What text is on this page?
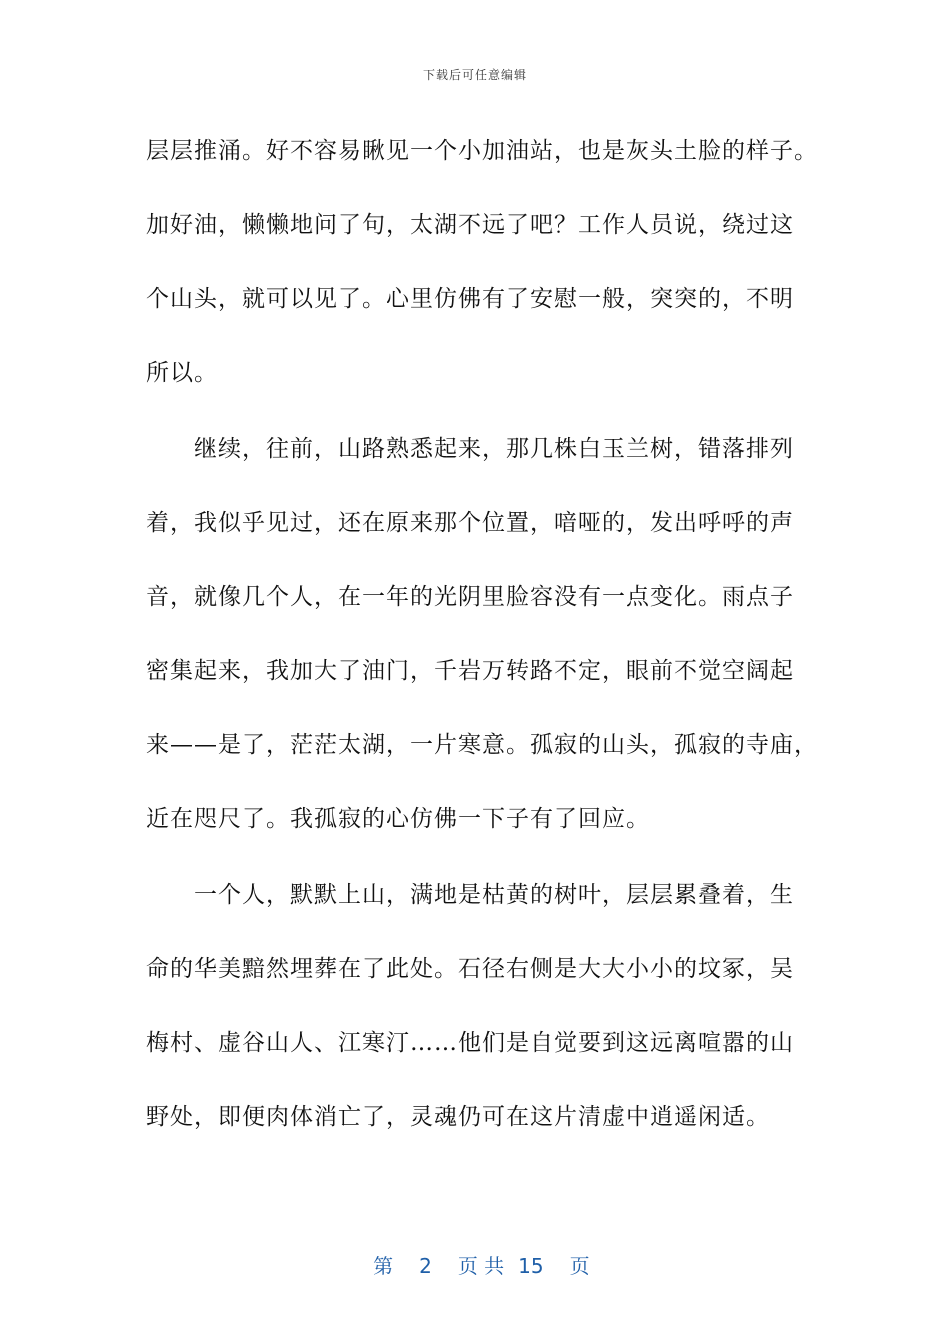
下载后可任意编辑
层层推涌。好不容易瞅见一个小加油站，也是灰头土脸的样子。
加好油，懒懒地问了句，太湖不远了吧？工作人员说，绕过这
个山头，就可以见了。心里仿佛有了安慰一般，突突的，不明
所以。
　　继续，往前，山路熟悉起来，那几株白玉兰树，错落排列
着，我似乎见过，还在原来那个位置，喑哑的，发出呼呼的声
音，就像几个人，在一年的光阴里脸容没有一点变化。雨点子
密集起来，我加大了油门，千岩万转路不定，眼前不觉空阔起
来——是了，茫茫太湖，一片寒意。孤寂的山头，孤寂的寺庙，
近在咫尺了。我孤寂的心仿佛一下子有了回应。
　　一个人，默默上山，满地是枯黄的树叶，层层累叠着，生
命的华美黯然埋葬在了此处。石径右侧是大大小小的坟冢，吴
梅村、虚谷山人、江寒汀……他们是自觉要到这远离喧嚣的山
野处，即便肉体消亡了，灵魂仍可在这片清虚中逍遥闲适。

第 2 页 共 15 页
